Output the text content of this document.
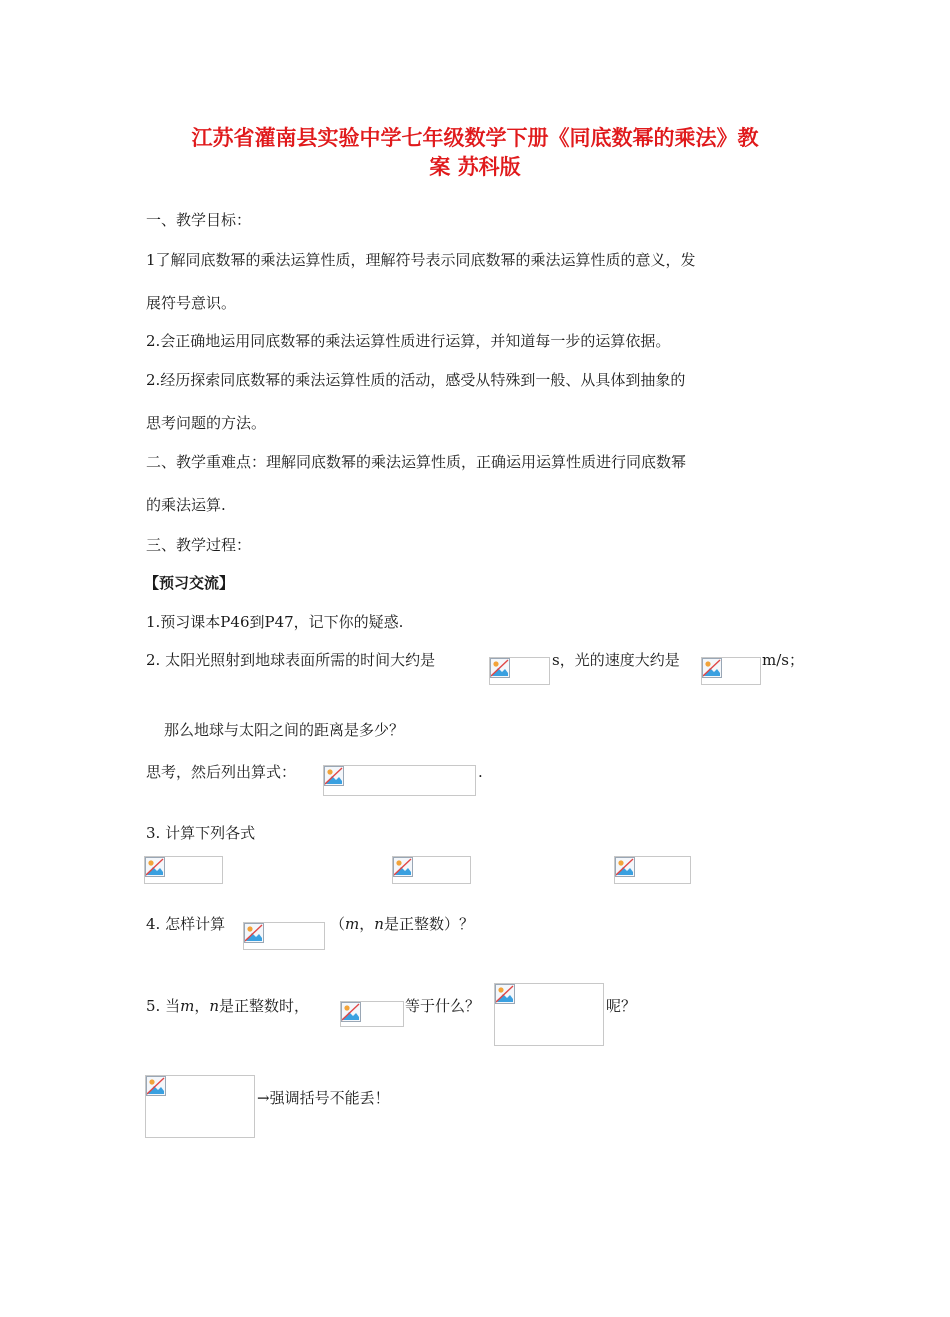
江苏省灌南县实验中学七年级数学下册《同底数幂的乘法》教
案 苏科版
一、教学目标：
1了解同底数幂的乘法运算性质，理解符号表示同底数幂的乘法运算性质的意义，发
展符号意识。
2.会正确地运用同底数幂的乘法运算性质进行运算，并知道每一步的运算依据。
2.经历探索同底数幂的乘法运算性质的活动，感受从特殊到一般、从具体到抽象的
思考问题的方法。
二、教学重难点：理解同底数幂的乘法运算性质，正确运用运算性质进行同底数幂
的乘法运算.
三、教学过程：
【预习交流】
1.预习课本P46到P47，记下你的疑惑.
2. 太阳光照射到地球表面所需的时间大约是	s，光的速度大约是	m/s；
那么地球与太阳之间的距离是多少？
思考，然后列出算式：	.
3. 计算下列各式
4. 怎样计算	（m，n是正整数）？
5. 当m，n是正整数时，	等于什么？	呢？
→强调括号不能丢！
